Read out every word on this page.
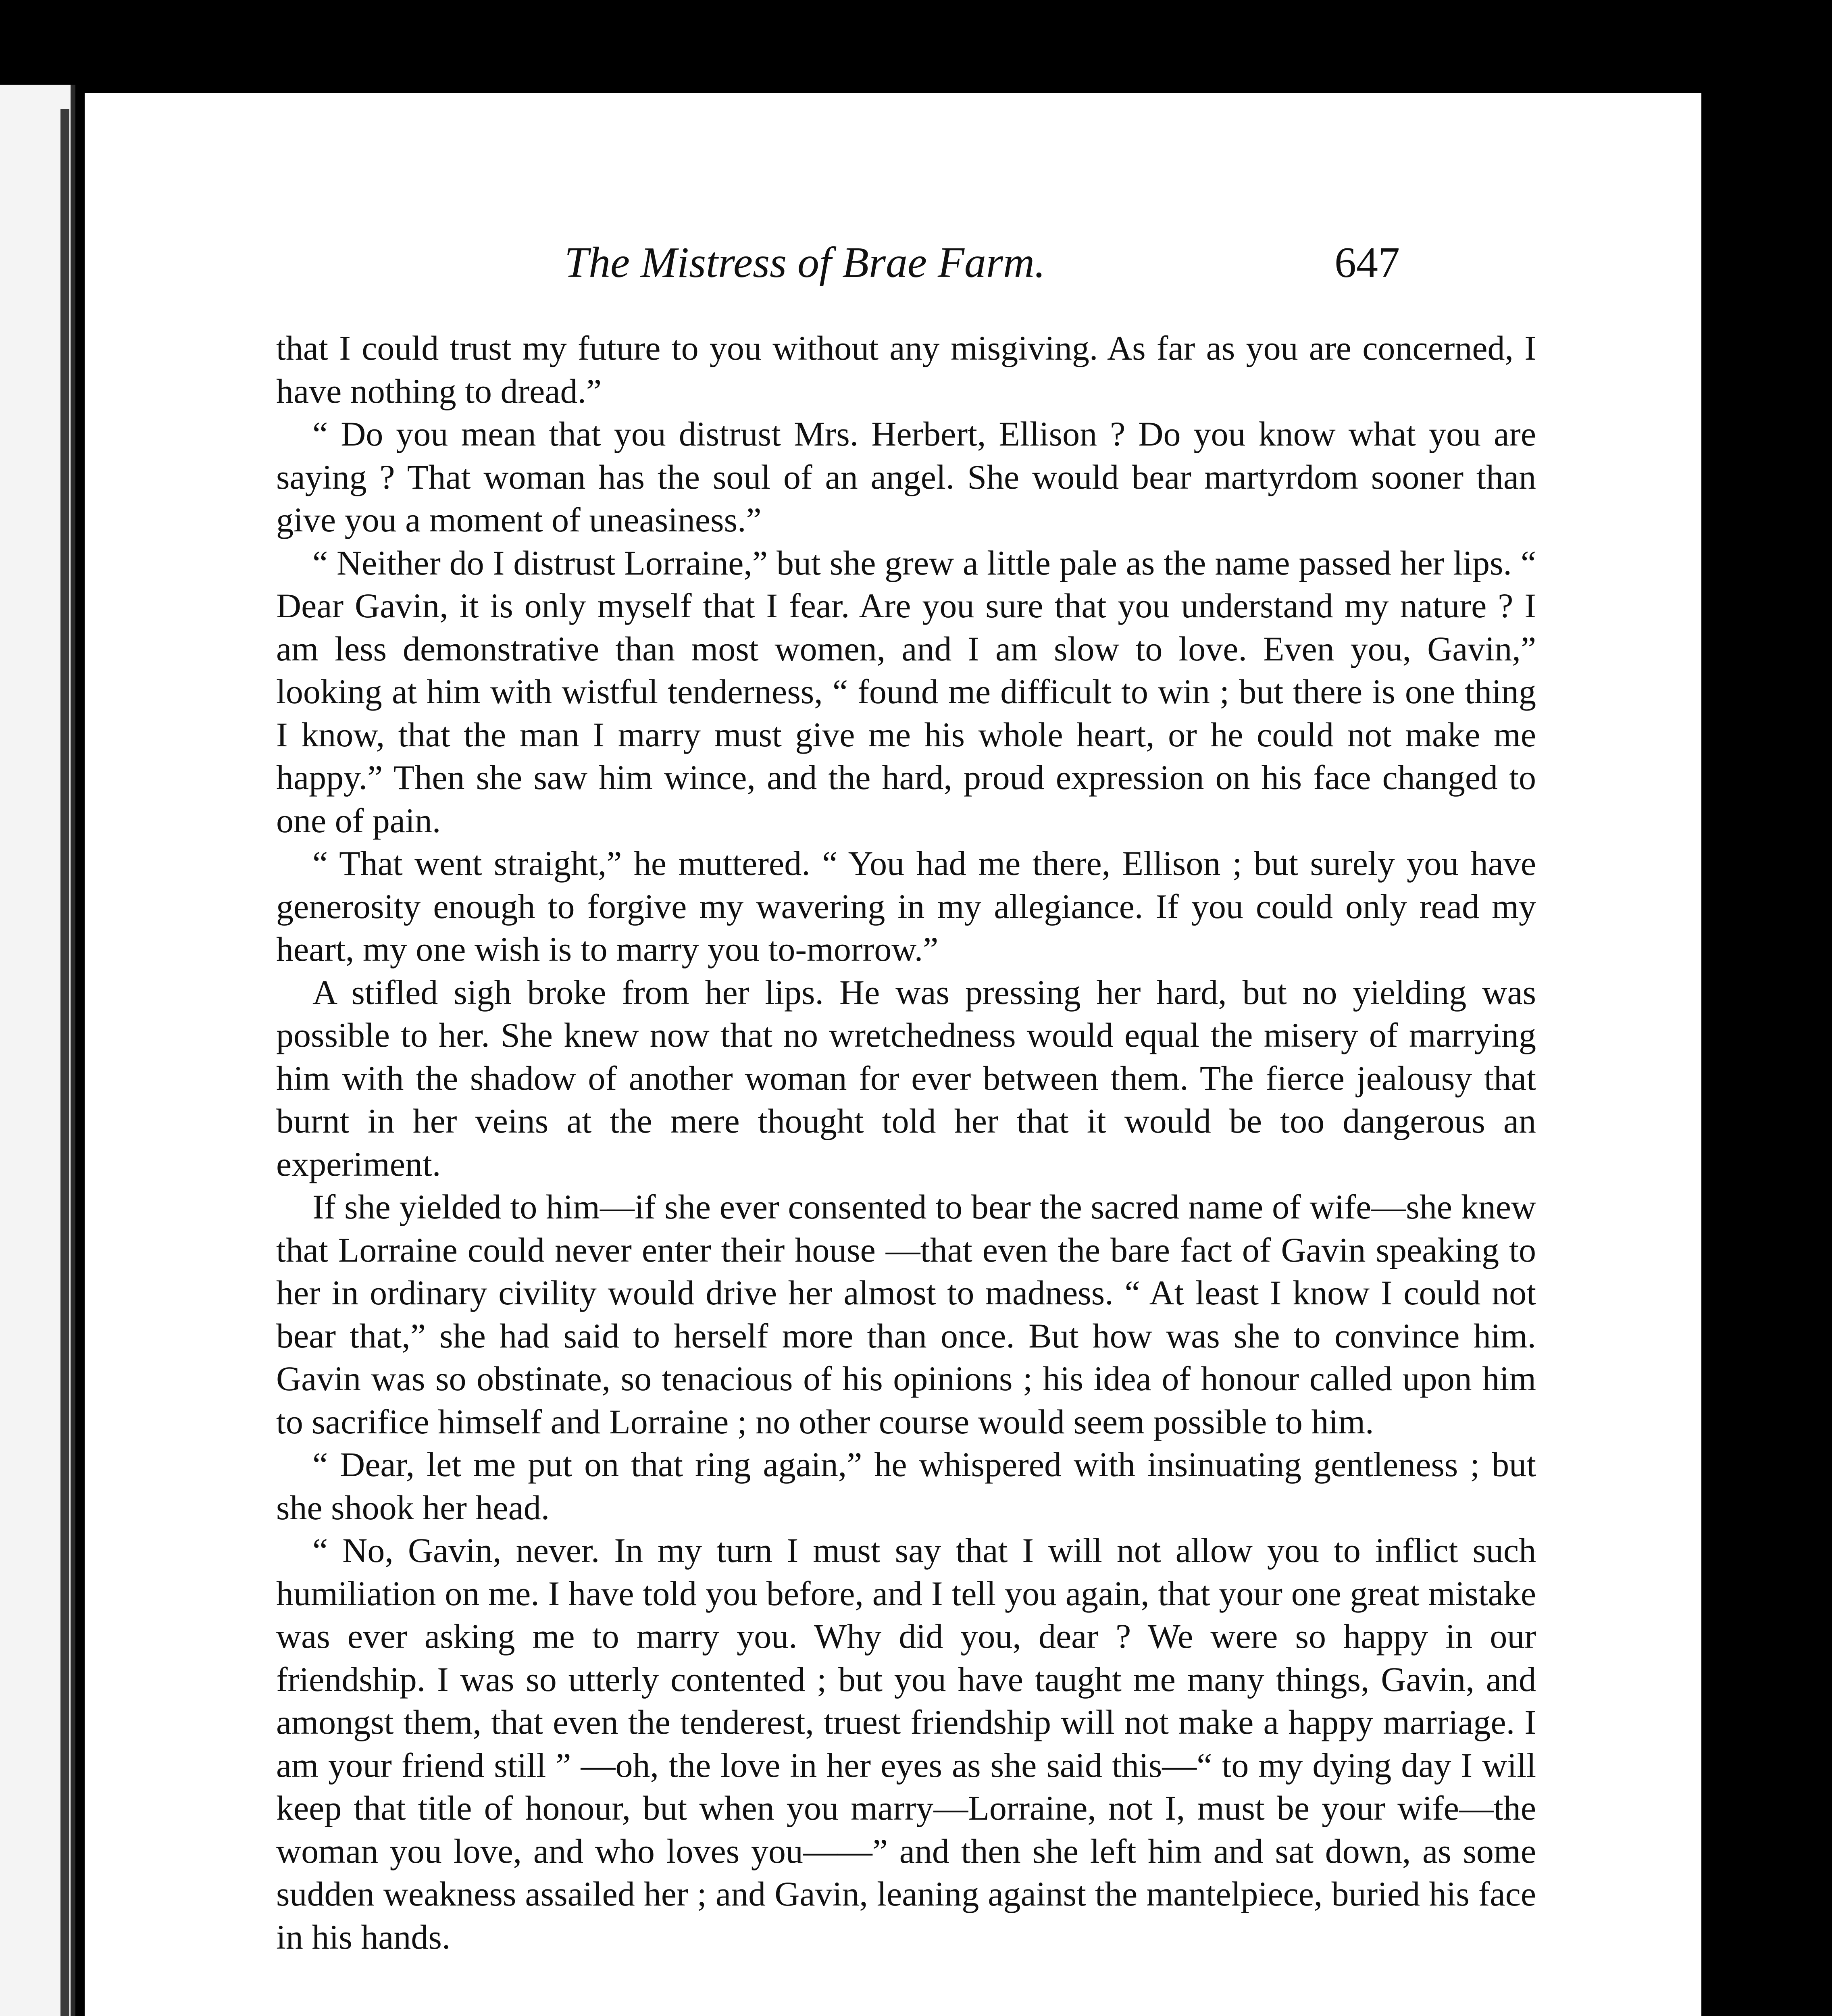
The Mistress of Brae Farm.	647

that I could trust my future to you without any misgiving. As far as you are concerned, I have nothing to dread.”

“ Do you mean that you distrust Mrs. Herbert, Ellison ? Do you know what you are saying ? That woman has the soul of an angel. She would bear martyrdom sooner than give you a moment of uneasiness.”

“ Neither do I distrust Lorraine,” but she grew a little pale as the name passed her lips. “ Dear Gavin, it is only myself that I fear. Are you sure that you understand my nature ? I am less demonstrative than most women, and I am slow to love. Even you, Gavin,” looking at him with wistful tenderness, “ found me difficult to win ; but there is one thing I know, that the man I marry must give me his whole heart, or he could not make me happy.” Then she saw him wince, and the hard, proud expression on his face changed to one of pain.

“ That went straight,” he muttered. “ You had me there, Ellison ; but surely you have generosity enough to forgive my wavering in my allegiance. If you could only read my heart, my one wish is to marry you to-morrow.”

A stifled sigh broke from her lips. He was pressing her hard, but no yielding was possible to her. She knew now that no wretchedness would equal the misery of marrying him with the shadow of another woman for ever between them. The fierce jealousy that burnt in her veins at the mere thought told her that it would be too dangerous an experiment.

If she yielded to him—if she ever consented to bear the sacred name of wife—she knew that Lorraine could never enter their house —that even the bare fact of Gavin speaking to her in ordinary civility would drive her almost to madness. “ At least I know I could not bear that,” she had said to herself more than once. But how was she to convince him. Gavin was so obstinate, so tenacious of his opinions ; his idea of honour called upon him to sacrifice himself and Lorraine ; no other course would seem possible to him.

“ Dear, let me put on that ring again,” he whispered with insinuating gentleness ; but she shook her head.

“ No, Gavin, never. In my turn I must say that I will not allow you to inflict such humiliation on me. I have told you before, and I tell you again, that your one great mistake was ever asking me to marry you. Why did you, dear ? We were so happy in our friendship. I was so utterly contented ; but you have taught me many things, Gavin, and amongst them, that even the tenderest, truest friendship will not make a happy marriage. I am your friend still ” —oh, the love in her eyes as she said this—“ to my dying day I will keep that title of honour, but when you marry—Lorraine, not I, must be your wife—the woman you love, and who loves you——” and then she left him and sat down, as some sudden weakness assailed her ; and Gavin, leaning against the mantelpiece, buried his face in his hands.
